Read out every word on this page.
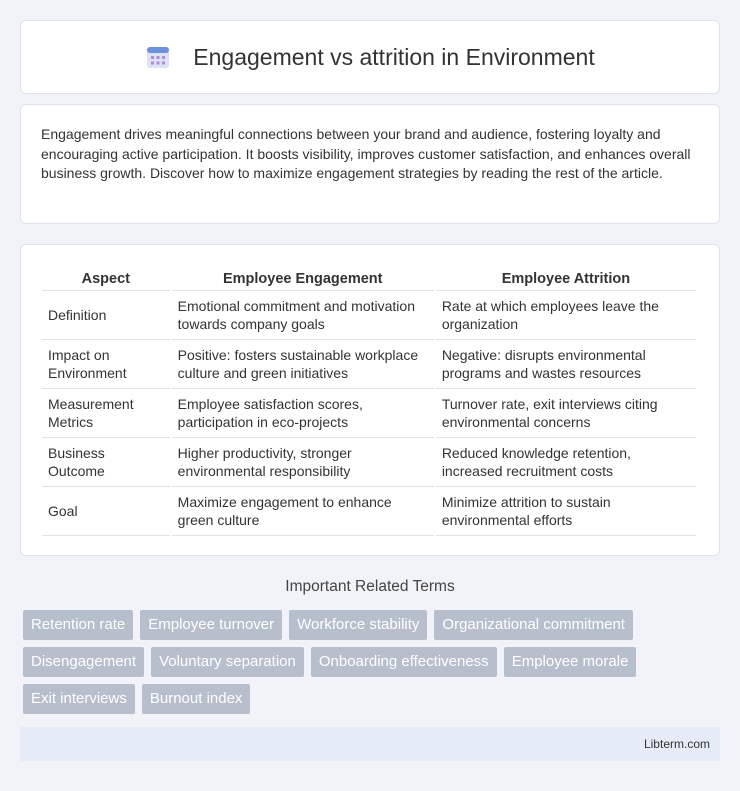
Engagement vs attrition in Environment

Engagement drives meaningful connections between your brand and audience, fostering loyalty and encouraging active participation. It boosts visibility, improves customer satisfaction, and enhances overall business growth. Discover how to maximize engagement strategies by reading the rest of the article.

Aspect	Employee Engagement	Employee Attrition
Definition	Emotional commitment and motivation towards company goals	Rate at which employees leave the organization
Impact on Environment	Positive: fosters sustainable workplace culture and green initiatives	Negative: disrupts environmental programs and wastes resources
Measurement Metrics	Employee satisfaction scores, participation in eco-projects	Turnover rate, exit interviews citing environmental concerns
Business Outcome	Higher productivity, stronger environmental responsibility	Reduced knowledge retention, increased recruitment costs
Goal	Maximize engagement to enhance green culture	Minimize attrition to sustain environmental efforts
Important Related Terms
Retention rate	Employee turnover	Workforce stability	Organizational commitment
Disengagement	Voluntary separation	Onboarding effectiveness	Employee morale
Exit interviews	Burnout index
Libterm.com
